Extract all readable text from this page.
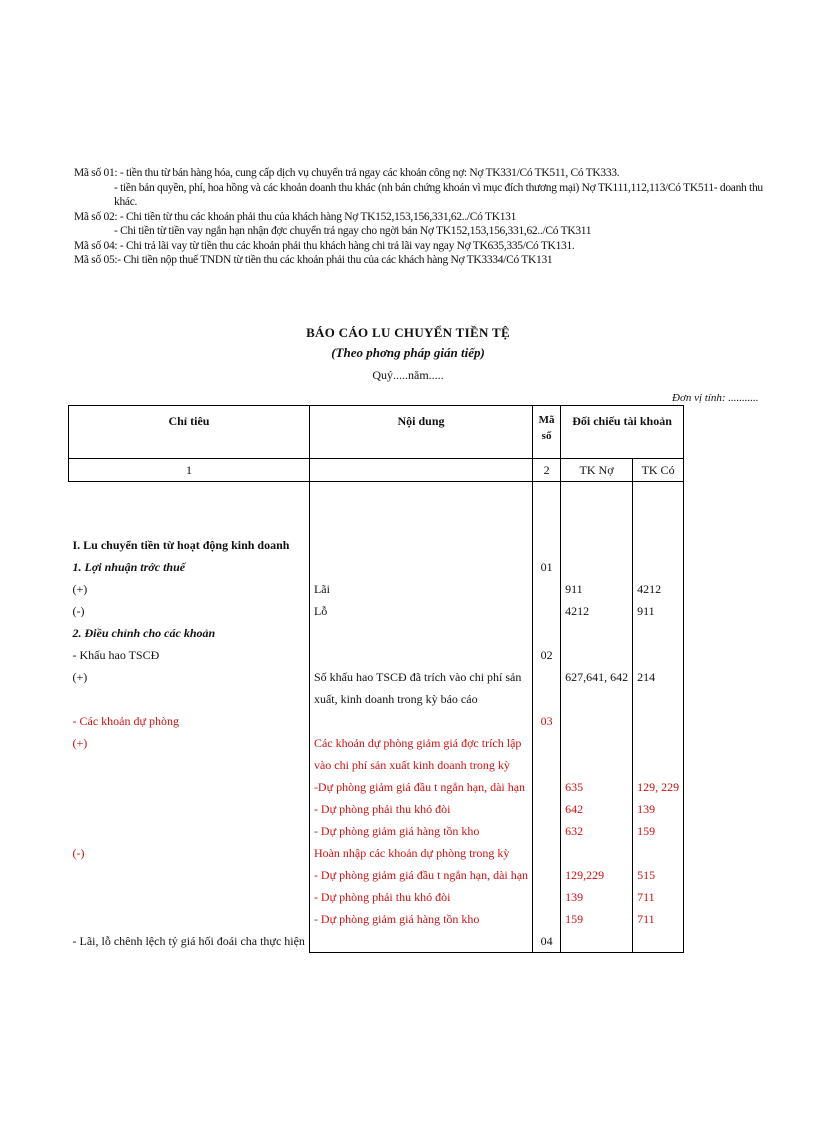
Mã số 01: - tiền thu từ bán hàng hóa, cung cấp dịch vụ chuyển trả ngay các khoản công nợ: Nợ TK331/Có TK511, Có TK333.
- tiền bản quyền, phí, hoa hồng và các khoản doanh thu khác (nh bán chứng khoán vì mục đích thương mại) Nợ TK111,112,113/Có TK511- doanh thu
khác.
Mã số 02: - Chi tiền từ thu các khoản phải thu của khách hàng Nợ TK152,153,156,331,62../Có TK131
- Chi tiền từ tiền vay ngắn hạn nhận đợc chuyển trả ngay cho ngời bán Nợ TK152,153,156,331,62../Có TK311
Mã số 04: - Chi trả lãi vay từ tiền thu các khoản phải thu khách hàng chi trả lãi vay ngay Nợ TK635,335/Có TK131.
Mã số 05:- Chi tiền nộp thuế TNDN từ tiền thu các khoản phải thu của các khách hàng Nợ TK3334/Có TK131
BÁO CÁO LU CHUYỂN TIỀN TỆ
(Theo phơng pháp gián tiếp)
Quý.....năm.....
Đơn vị tính: ...........
Chỉ tiêu	Nội dung	Mã số	Đối chiếu tài khoản	
1		2	TK Nợ	TK Có

I. Lu chuyển tiền từ hoạt động kinh doanh				
1. Lợi nhuận trớc thuế		01		
(+)	Lãi		911	4212
(-)	Lỗ		4212	911
2. Điều chỉnh cho các khoản				
- Khấu hao TSCĐ		02		
(+)	Số khấu hao TSCĐ đã trích vào chi phí sản		627,641, 642	214
	xuất, kinh doanh trong kỳ báo cáo			
- Các khoản dự phòng		03		
(+)	Các khoản dự phòng giảm giá đợc trích lập			
	vào chi phí sản xuất kinh doanh trong kỳ			
	-Dự phòng giảm giá đầu t ngắn hạn, dài hạn		635	129, 229
	- Dự phòng phải thu khó đòi		642	139
	- Dự phòng giảm giá hàng tồn kho		632	159
(-)	Hoàn nhập các khoản dự phòng trong kỳ			
	- Dự phòng giảm giá đầu t ngắn hạn, dài hạn		129,229	515
	- Dự phòng phải thu khó đòi		139	711
	- Dự phòng giảm giá hàng tồn kho		159	711
- Lãi, lỗ chênh lệch tỷ giá hối đoái cha thực hiện		04		
